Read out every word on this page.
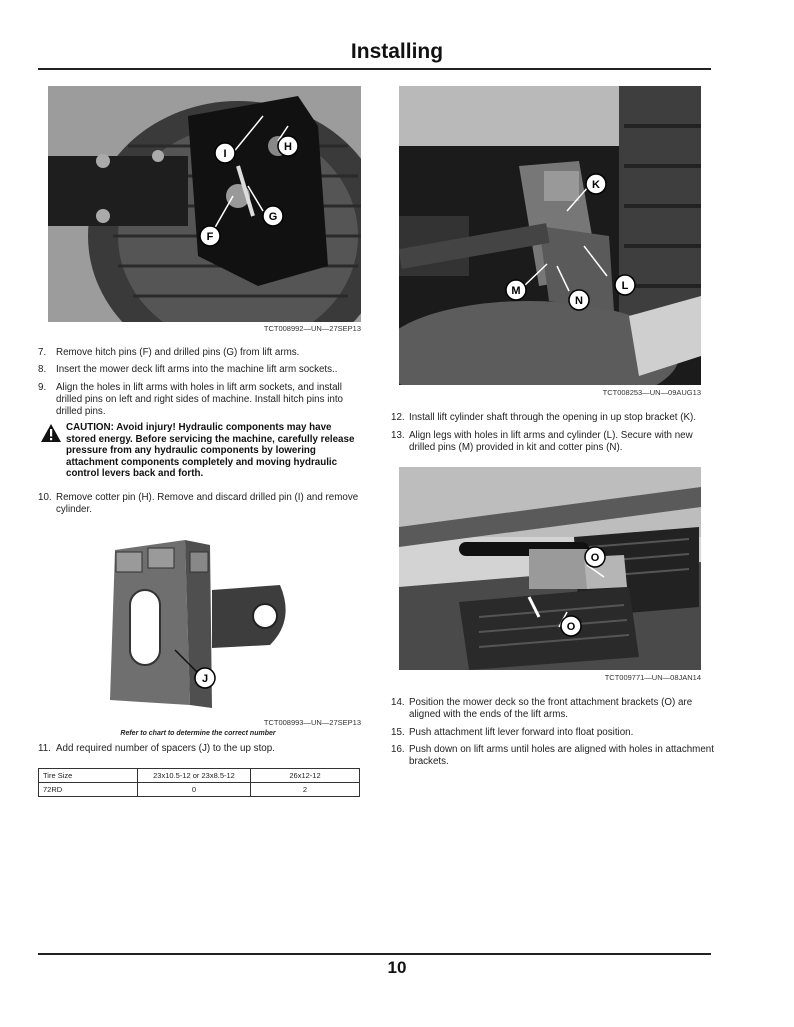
Installing
H
I
G
F
TCT008992—UN—27SEP13
7.	Remove hitch pins (F) and drilled pins (G) from lift arms.
8.	Insert the mower deck lift arms into the machine lift arm sockets..
9.	Align the holes in lift arms with holes in lift arm sockets, and install drilled pins on left and right sides of machine. Install hitch pins into drilled pins.
CAUTION: Avoid injury! Hydraulic components may have stored energy. Before servicing the machine, carefully release pressure from any hydraulic components by lowering attachment components completely and moving hydraulic control levers back and forth.
10. Remove cotter pin (H). Remove and discard drilled pin (I) and remove cylinder.
J
TCT008993—UN—27SEP13
Refer to chart to determine the correct number
11. Add required number of spacers (J) to the up stop.
Tire Size	23x10.5-12 or 23x8.5-12	26x12-12
72RD	0	2
K
M
N
L
TCT008253—UN—09AUG13
12. Install lift cylinder shaft through the opening in up stop bracket (K).
13. Align legs with holes in lift arms and cylinder (L). Secure with new drilled pins (M) provided in kit and cotter pins (N).
O
O
TCT009771—UN—08JAN14
14. Position the mower deck so the front attachment brackets (O) are aligned with the ends of the lift arms.
15. Push attachment lift lever forward into float position.
16. Push down on lift arms until holes are aligned with holes in attachment brackets.
10
